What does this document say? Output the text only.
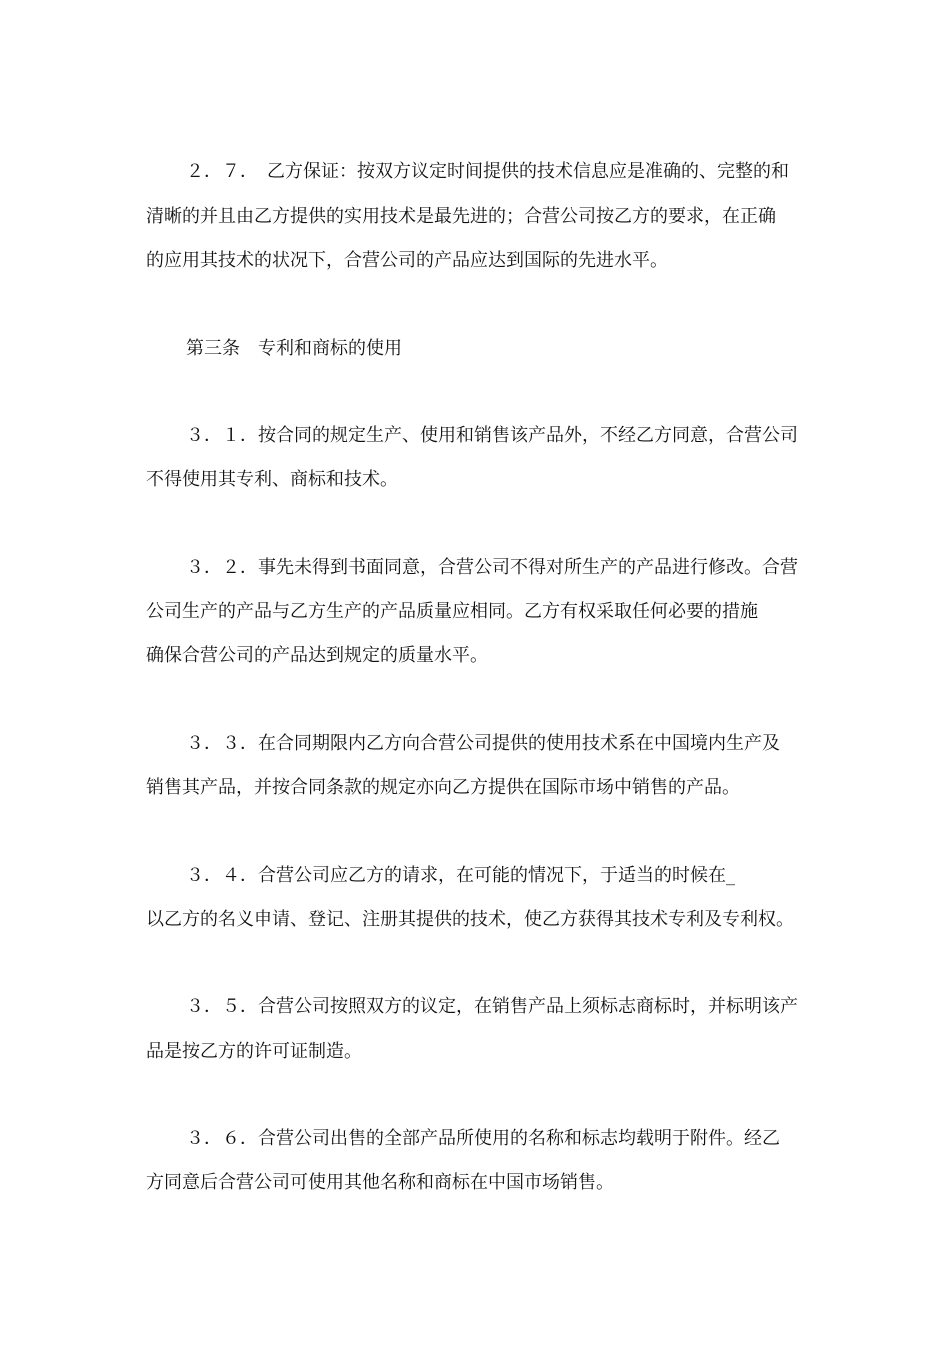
２．７．　乙方保证：按双方议定时间提供的技术信息应是准确的、完整的和
清晰的并且由乙方提供的实用技术是最先进的；合营公司按乙方的要求，在正确
的应用其技术的状况下，合营公司的产品应达到国际的先进水平。
第三条　专利和商标的使用
３．１．按合同的规定生产、使用和销售该产品外，不经乙方同意，合营公司
不得使用其专利、商标和技术。
３．２．事先未得到书面同意，合营公司不得对所生产的产品进行修改。合营
公司生产的产品与乙方生产的产品质量应相同。乙方有权采取任何必要的措施
确保合营公司的产品达到规定的质量水平。
３．３．在合同期限内乙方向合营公司提供的使用技术系在中国境内生产及
销售其产品，并按合同条款的规定亦向乙方提供在国际市场中销售的产品。
３．４．合营公司应乙方的请求，在可能的情况下，于适当的时候在_
以乙方的名义申请、登记、注册其提供的技术，使乙方获得其技术专利及专利权。
３．５．合营公司按照双方的议定，在销售产品上须标志商标时，并标明该产
品是按乙方的许可证制造。
３．６．合营公司出售的全部产品所使用的名称和标志均载明于附件。经乙
方同意后合营公司可使用其他名称和商标在中国市场销售。
